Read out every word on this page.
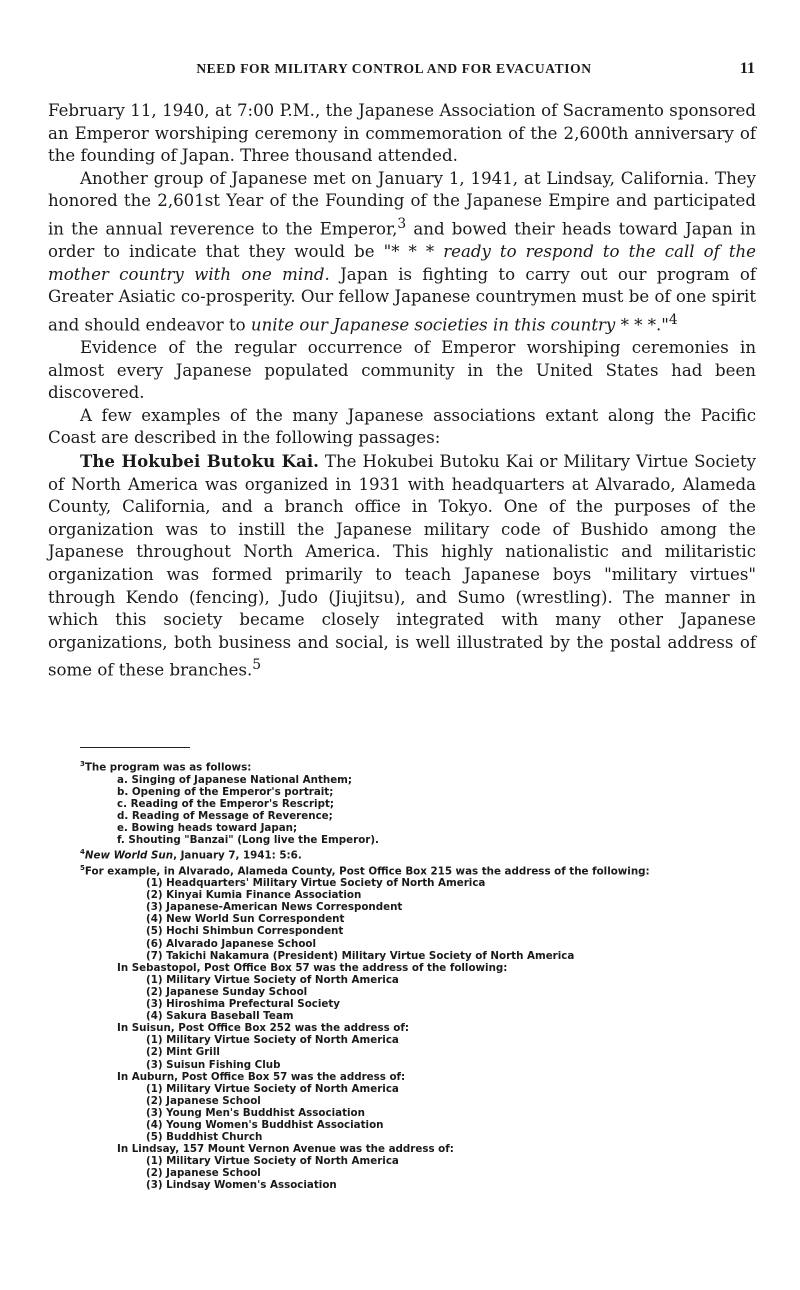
NEED FOR MILITARY CONTROL AND FOR EVACUATION	11

February 11, 1940, at 7:00 P.M., the Japanese Association of Sacramento sponsored an Emperor worshiping ceremony in commemoration of the 2,600th anniversary of the founding of Japan. Three thousand attended.

Another group of Japanese met on January 1, 1941, at Lindsay, California. They honored the 2,601st Year of the Founding of the Japanese Empire and participated in the annual reverence to the Emperor,$^3$ and bowed their heads toward Japan in order to indicate that they would be "* * * ready to respond to the call of the mother country with one mind. Japan is fighting to carry out our program of Greater Asiatic co-prosperity. Our fellow Japanese countrymen must be of one spirit and should endeavor to unite our Japanese societies in this country * * *."$^4$

Evidence of the regular occurrence of Emperor worshiping ceremonies in almost every Japanese populated community in the United States had been discovered.

A few examples of the many Japanese associations extant along the Pacific Coast are described in the following passages:

The Hokubei Butoku Kai. The Hokubei Butoku Kai or Military Virtue Society of North America was organized in 1931 with headquarters at Alvarado, Alameda County, California, and a branch office in Tokyo. One of the purposes of the organization was to instill the Japanese military code of Bushido among the Japanese throughout North America. This highly nationalistic and militaristic organization was formed primarily to teach Japanese boys "military virtues" through Kendo (fencing), Judo (Jiujitsu), and Sumo (wrestling). The manner in which this society became closely integrated with many other Japanese organizations, both business and social, is well illustrated by the postal address of some of these branches.$^5$

$^3$The program was as follows:

a. Singing of Japanese National Anthem;

b. Opening of the Emperor's portrait;

c. Reading of the Emperor's Rescript;

d. Reading of Message of Reverence;

e. Bowing heads toward Japan;

f. Shouting "Banzai" (Long live the Emperor).

$^4$New World Sun, January 7, 1941: 5:6.

$^5$For example, in Alvarado, Alameda County, Post Office Box 215 was the address of the following:

(1) Headquarters' Military Virtue Society of North America

(2) Kinyai Kumia Finance Association

(3) Japanese-American News Correspondent

(4) New World Sun Correspondent

(5) Hochi Shimbun Correspondent

(6) Alvarado Japanese School

(7) Takichi Nakamura (President) Military Virtue Society of North America

In Sebastopol, Post Office Box 57 was the address of the following:

(1) Military Virtue Society of North America

(2) Japanese Sunday School

(3) Hiroshima Prefectural Society

(4) Sakura Baseball Team

In Suisun, Post Office Box 252 was the address of:

(1) Military Virtue Society of North America

(2) Mint Grill

(3) Suisun Fishing Club

In Auburn, Post Office Box 57 was the address of:

(1) Military Virtue Society of North America

(2) Japanese School

(3) Young Men's Buddhist Association

(4) Young Women's Buddhist Association

(5) Buddhist Church

In Lindsay, 157 Mount Vernon Avenue was the address of:

(1) Military Virtue Society of North America

(2) Japanese School

(3) Lindsay Women's Association
